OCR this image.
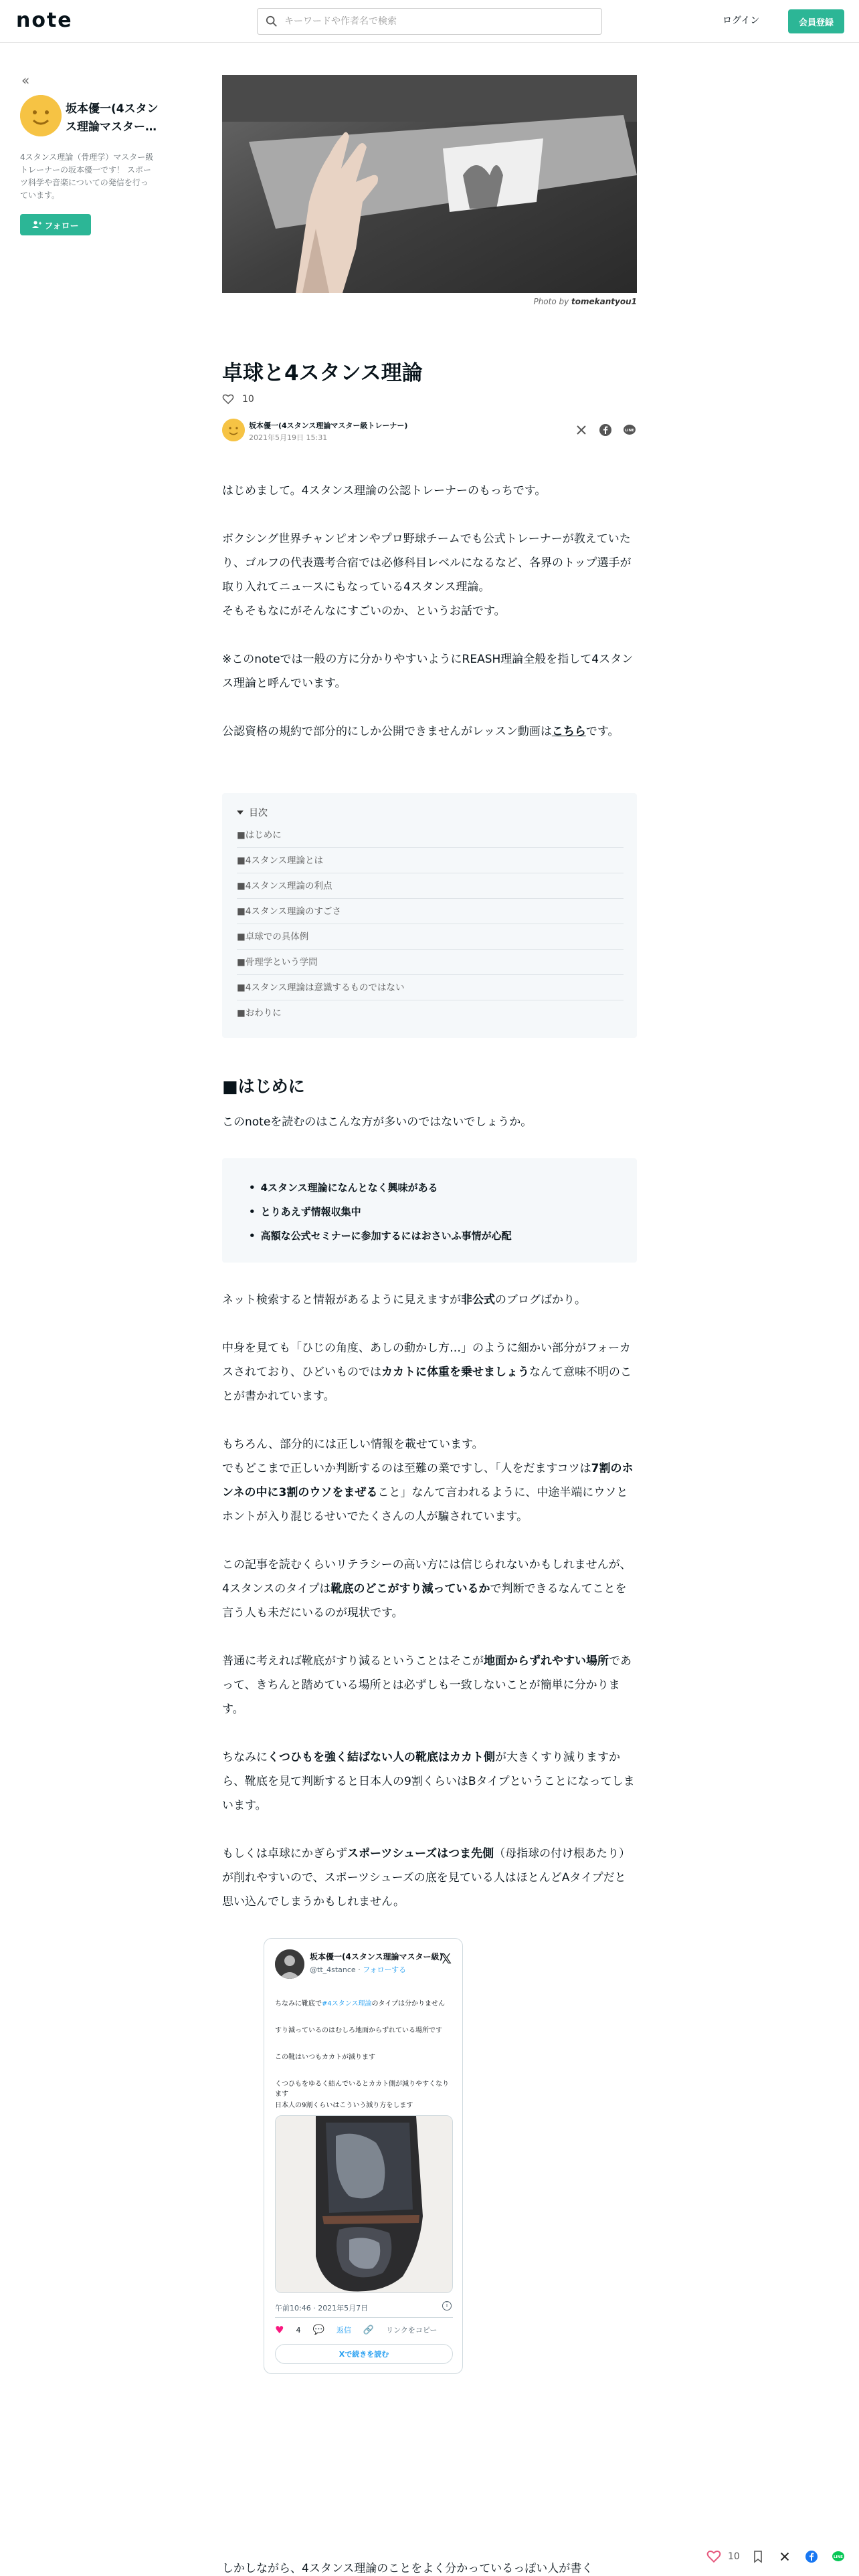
note
キーワードや作者名で検索	ログイン	会員登録
«
坂本優一(4スタンス理論マスター…
4スタンス理論（骨理学）マスター級トレーナーの坂本優一です！ スポーツ科学や音楽についての発信を行っています。
フォロー
Photo by tomekantyou1
卓球と4スタンス理論
10
坂本優一(4スタンス理論マスター級トレーナー)
2021年5月19日 15:31
LINE
はじめまして。4スタンス理論の公認トレーナーのもっちです。
ボクシング世界チャンピオンやプロ野球チームでも公式トレーナーが教えていたり、ゴルフの代表選考合宿では必修科目レベルになるなど、各界のトップ選手が取り入れてニュースにもなっている4スタンス理論。
そもそもなにがそんなにすごいのか、というお話です。
※このnoteでは一般の方に分かりやすいようにREASH理論全般を指して4スタンス理論と呼んでいます。
公認資格の規約で部分的にしか公開できませんがレッスン動画はこちらです。
目次
■はじめに
■4スタンス理論とは
■4スタンス理論の利点
■4スタンス理論のすごさ
■卓球での具体例
■骨理学という学問
■4スタンス理論は意識するものではない
■おわりに
■はじめに
このnoteを読むのはこんな方が多いのではないでしょうか。
• 4スタンス理論になんとなく興味がある
• とりあえず情報収集中
• 高額な公式セミナーに参加するにはおさいふ事情が心配
ネット検索すると情報があるように見えますが非公式のブログばかり。
中身を見ても「ひじの角度、あしの動かし方…」のように細かい部分がフォーカスされており、ひどいものではカカトに体重を乗せましょうなんて意味不明のことが書かれています。
もちろん、部分的には正しい情報を載せています。
でもどこまで正しいか判断するのは至難の業ですし、「人をだますコツは7割のホンネの中に3割のウソをまぜること」なんて言われるように、中途半端にウソとホントが入り混じるせいでたくさんの人が騙されています。
この記事を読むくらいリテラシーの高い方には信じられないかもしれませんが、4スタンスのタイプは靴底のどこがすり減っているかで判断できるなんてことを言う人も未だにいるのが現状です。
普通に考えれば靴底がすり減るということはそこが地面からずれやすい場所であって、きちんと踏めている場所とは必ずしも一致しないことが簡単に分かります。
ちなみにくつひもを強く結ばない人の靴底はカカト側が大きくすり減りますから、靴底を見て判断すると日本人の9割くらいはBタイプということになってしまいます。
もしくは卓球にかぎらずスポーツシューズはつま先側（母指球の付け根あたり）が削れやすいので、スポーツシューズの底を見ている人はほとんどAタイプだと思い込んでしまうかもしれません。
坂本優一(4スタンス理論マスター級)
@tt_4stance · フォローする
𝕏
ちなみに靴底で#4スタンス理論のタイプは分かりません
すり減っているのはむしろ地面からずれている場所です
この靴はいつもカカトが減ります
くつひもをゆるく結んでいるとカカト側が減りやすくなります
日本人の9割くらいはこういう減り方をします
午前10:46 · 2021年5月7日	i
♥ 4 💬 返信 🔗 リンクをコピー
Xで続きを読む
しかしながら、4スタンス理論のことをよく分かっているっぽい人が書く
10	LINE
